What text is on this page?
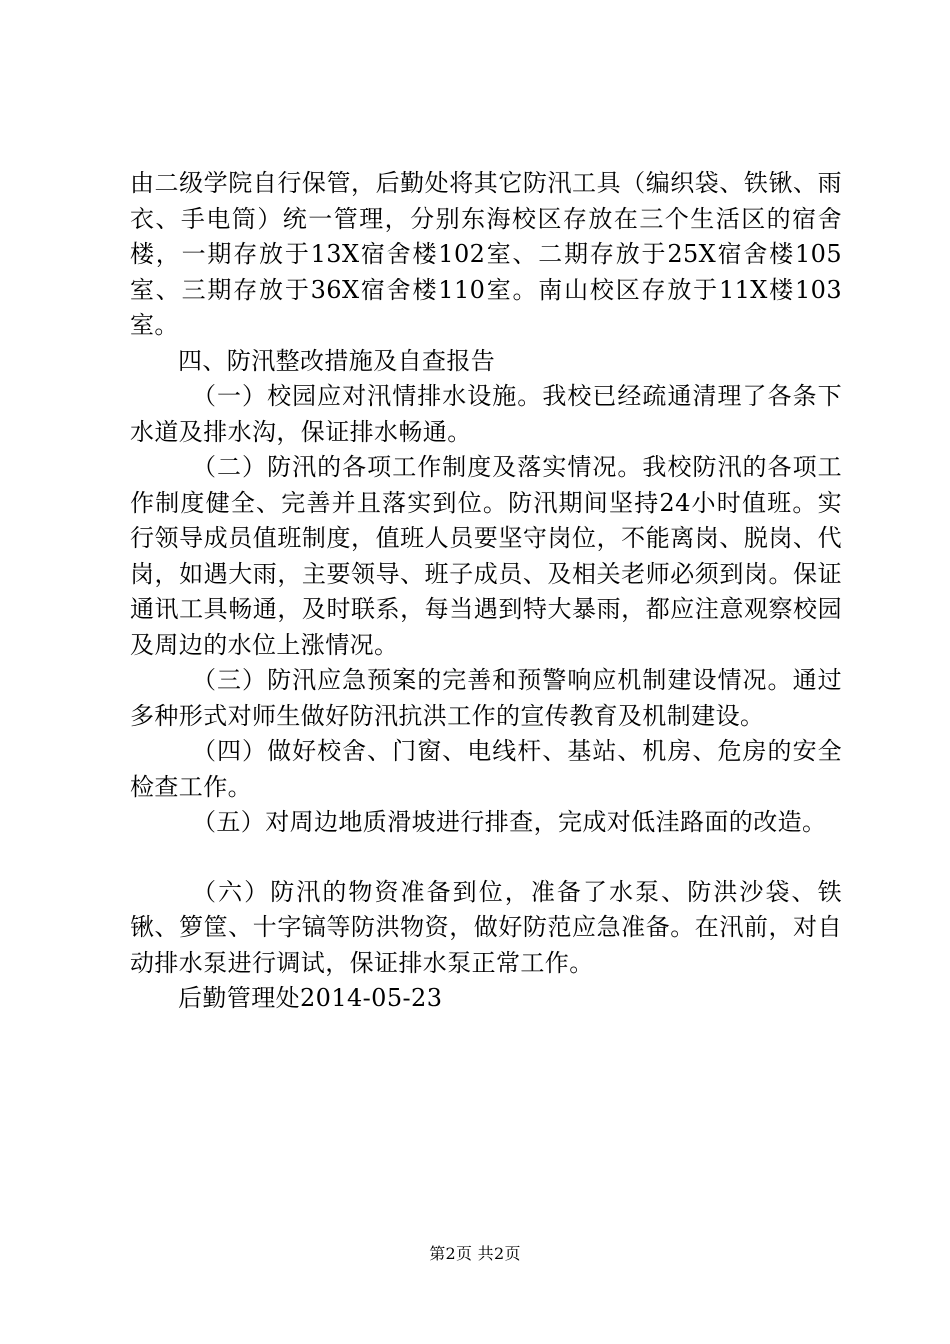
由二级学院自行保管，后勤处将其它防汛工具（编织袋、铁锹、雨衣、手电筒）统一管理，分别东海校区存放在三个生活区的宿舍楼，一期存放于13X宿舍楼102室、二期存放于25X宿舍楼105室、三期存放于36X宿舍楼110室。南山校区存放于11X楼103室。

四、防汛整改措施及自查报告

（一）校园应对汛情排水设施。我校已经疏通清理了各条下水道及排水沟，保证排水畅通。

（二）防汛的各项工作制度及落实情况。我校防汛的各项工作制度健全、完善并且落实到位。防汛期间坚持24小时值班。实行领导成员值班制度，值班人员要坚守岗位，不能离岗、脱岗、代岗，如遇大雨，主要领导、班子成员、及相关老师必须到岗。保证通讯工具畅通，及时联系，每当遇到特大暴雨，都应注意观察校园及周边的水位上涨情况。

（三）防汛应急预案的完善和预警响应机制建设情况。通过多种形式对师生做好防汛抗洪工作的宣传教育及机制建设。

（四）做好校舍、门窗、电线杆、基站、机房、危房的安全检查工作。

（五）对周边地质滑坡进行排查，完成对低洼路面的改造。

（六）防汛的物资准备到位，准备了水泵、防洪沙袋、铁锹、箩筐、十字镐等防洪物资，做好防范应急准备。在汛前，对自动排水泵进行调试，保证排水泵正常工作。

后勤管理处2014-05-23

第2页 共2页
